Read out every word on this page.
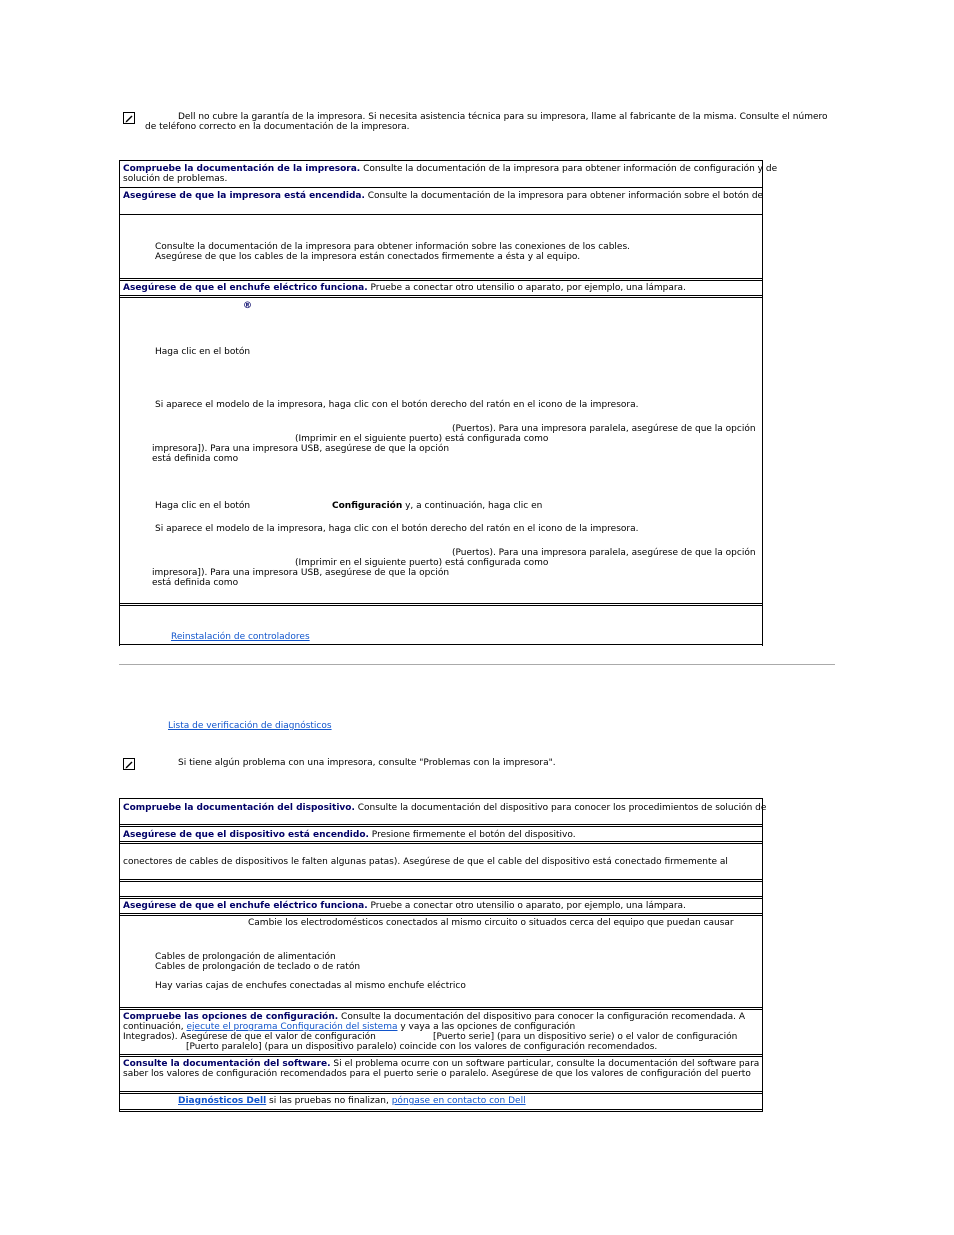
Dell no cubre la garantía de la impresora. Si necesita asistencia técnica para su impresora, llame al fabricante de la misma. Consulte el número
de teléfono correcto en la documentación de la impresora.
Compruebe la documentación de la impresora. Consulte la documentación de la impresora para obtener información de configuración y de
solución de problemas.
Asegúrese de que la impresora está encendida. Consulte la documentación de la impresora para obtener información sobre el botón de
Consulte la documentación de la impresora para obtener información sobre las conexiones de los cables.
Asegúrese de que los cables de la impresora están conectados firmemente a ésta y al equipo.
Asegúrese de que el enchufe eléctrico funciona. Pruebe a conectar otro utensilio o aparato, por ejemplo, una lámpara.
®
Haga clic en el botón
Si aparece el modelo de la impresora, haga clic con el botón derecho del ratón en el icono de la impresora.
(Puertos). Para una impresora paralela, asegúrese de que la opción
(Imprimir en el siguiente puerto) está configurada como
impresora]). Para una impresora USB, asegúrese de que la opción
está definida como
Haga clic en el botón	Configuración y, a continuación, haga clic en
Si aparece el modelo de la impresora, haga clic con el botón derecho del ratón en el icono de la impresora.
(Puertos). Para una impresora paralela, asegúrese de que la opción
(Imprimir en el siguiente puerto) está configurada como
impresora]). Para una impresora USB, asegúrese de que la opción
está definida como
Reinstalación de controladores
Lista de verificación de diagnósticos
Si tiene algún problema con una impresora, consulte "Problemas con la impresora".
Compruebe la documentación del dispositivo. Consulte la documentación del dispositivo para conocer los procedimientos de solución de
Asegúrese de que el dispositivo está encendido. Presione firmemente el botón del dispositivo.
conectores de cables de dispositivos le falten algunas patas). Asegúrese de que el cable del dispositivo está conectado firmemente al
Asegúrese de que el enchufe eléctrico funciona. Pruebe a conectar otro utensilio o aparato, por ejemplo, una lámpara.
Cambie los electrodomésticos conectados al mismo circuito o situados cerca del equipo que puedan causar
Cables de prolongación de alimentación
Cables de prolongación de teclado o de ratón
Hay varias cajas de enchufes conectadas al mismo enchufe eléctrico
Compruebe las opciones de configuración. Consulte la documentación del dispositivo para conocer la configuración recomendada. A
continuación, ejecute el programa Configuración del sistema y vaya a las opciones de configuración
Integrados). Asegúrese de que el valor de configuración	[Puerto serie] (para un dispositivo serie) o el valor de configuración
[Puerto paralelo] (para un dispositivo paralelo) coincide con los valores de configuración recomendados.
Consulte la documentación del software. Si el problema ocurre con un software particular, consulte la documentación del software para
saber los valores de configuración recomendados para el puerto serie o paralelo. Asegúrese de que los valores de configuración del puerto
Diagnósticos Dell si las pruebas no finalizan, póngase en contacto con Dell
